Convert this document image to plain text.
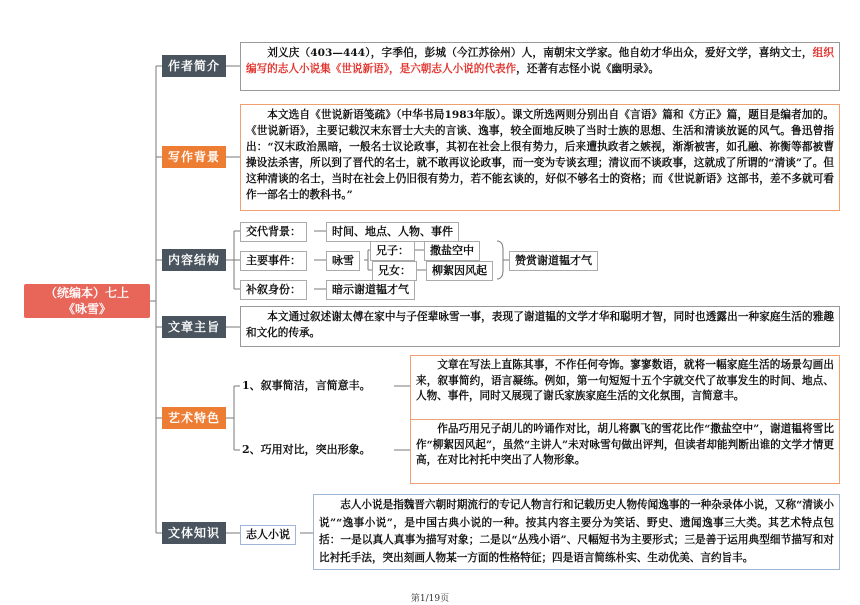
（统编本）七上
《咏雪》
作者简介
刘义庆（403—444），字季伯，彭城（今江苏徐州）人，南朝宋文学家。他自幼才华出众，爱好文学，喜纳文士，组织编写的志人小说集《世说新语》，是六朝志人小说的代表作，还著有志怪小说《幽明录》。
写作背景
本文选自《世说新语笺疏》（中华书局1983年版）。课文所选两则分别出自《言语》篇和《方正》篇，题目是编者加的。《世说新语》，主要记载汉末东晋士大夫的言谈、逸事，较全面地反映了当时士族的思想、生活和清谈放诞的风气。鲁迅曾指出：“汉末政治黑暗，一般名士议论政事，其初在社会上很有势力，后来遭执政者之嫉视，渐渐被害，如孔融、祢衡等都被曹操设法杀害，所以到了晋代的名士，就不敢再议论政事，而一变为专谈玄理；清议而不谈政事，这就成了所谓的“清谈”了。但这种清谈的名士，当时在社会上仍旧很有势力，若不能玄谈的，好似不够名士的资格；而《世说新语》这部书，差不多就可看作一部名士的教科书。”
内容结构
交代背景：	时间、地点、人物、事件
主要事件：	咏雪
兄子：	撒盐空中
兄女：	柳絮因风起
赞赏谢道韫才气
补叙身份：	暗示谢道韫才气
文章主旨
本文通过叙述谢太傅在家中与子侄辈咏雪一事，表现了谢道韫的文学才华和聪明才智，同时也透露出一种家庭生活的雅趣和文化的传承。
艺术特色
1、叙事简洁，言简意丰。
文章在写法上直陈其事，不作任何夸饰。寥寥数语，就将一幅家庭生活的场景勾画出来，叙事简约，语言凝练。例如，第一句短短十五个字就交代了故事发生的时间、地点、人物、事件，同时又展现了谢氏家族家庭生活的文化氛围，言简意丰。
2、巧用对比，突出形象。
作品巧用兄子胡儿的吟诵作对比，胡儿将飘飞的雪花比作“撒盐空中”，谢道韫将雪比作“柳絮因风起”，虽然“主讲人”未对咏雪句做出评判，但读者却能判断出谁的文学才情更高，在对比衬托中突出了人物形象。
文体知识	志人小说
志人小说是指魏晋六朝时期流行的专记人物言行和记载历史人物传闻逸事的一种杂录体小说，又称“清谈小说”“逸事小说”，是中国古典小说的一种。按其内容主要分为笑话、野史、遗闻逸事三大类。其艺术特点包括：一是以真人真事为描写对象；二是以“丛残小语”、尺幅短书为主要形式；三是善于运用典型细节描写和对比衬托手法，突出刻画人物某一方面的性格特征；四是语言简练朴实、生动优美、言约旨丰。
第1/19页
